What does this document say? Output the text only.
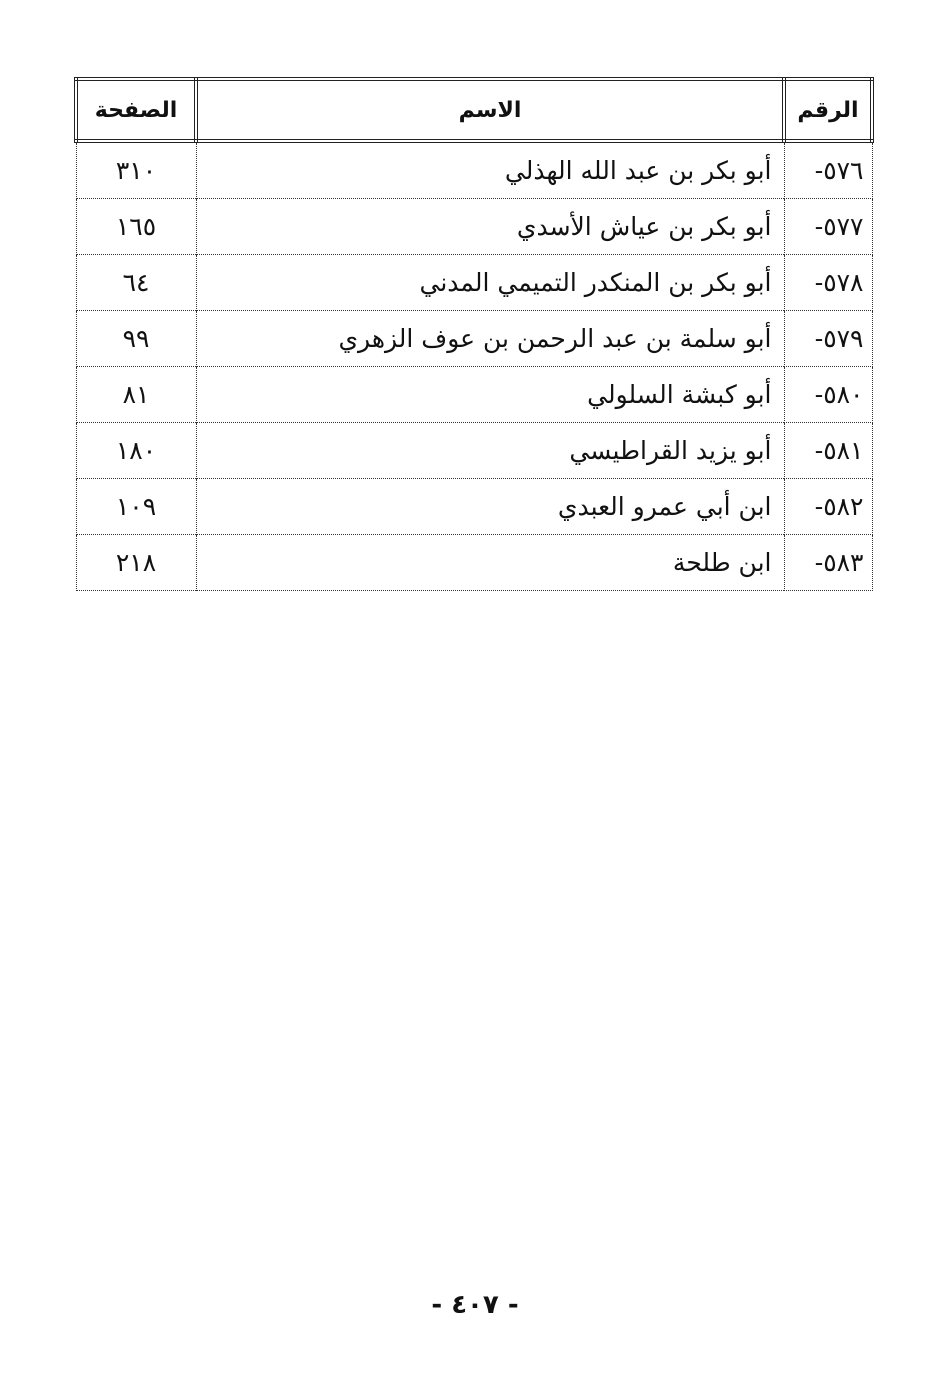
الرقم	الاسم	الصفحة
٥٧٦-	أبو بكر بن عبد الله الهذلي	٣١٠
٥٧٧-	أبو بكر بن عياش الأسدي	١٦٥
٥٧٨-	أبو بكر بن المنكدر التميمي المدني	٦٤
٥٧٩-	أبو سلمة بن عبد الرحمن بن عوف الزهري	٩٩
٥٨٠-	أبو كبشة السلولي	٨١
٥٨١-	أبو يزيد القراطيسي	١٨٠
٥٨٢-	ابن أبي عمرو العبدي	١٠٩
٥٨٣-	ابن طلحة	٢١٨
- ٤٠٧ -
